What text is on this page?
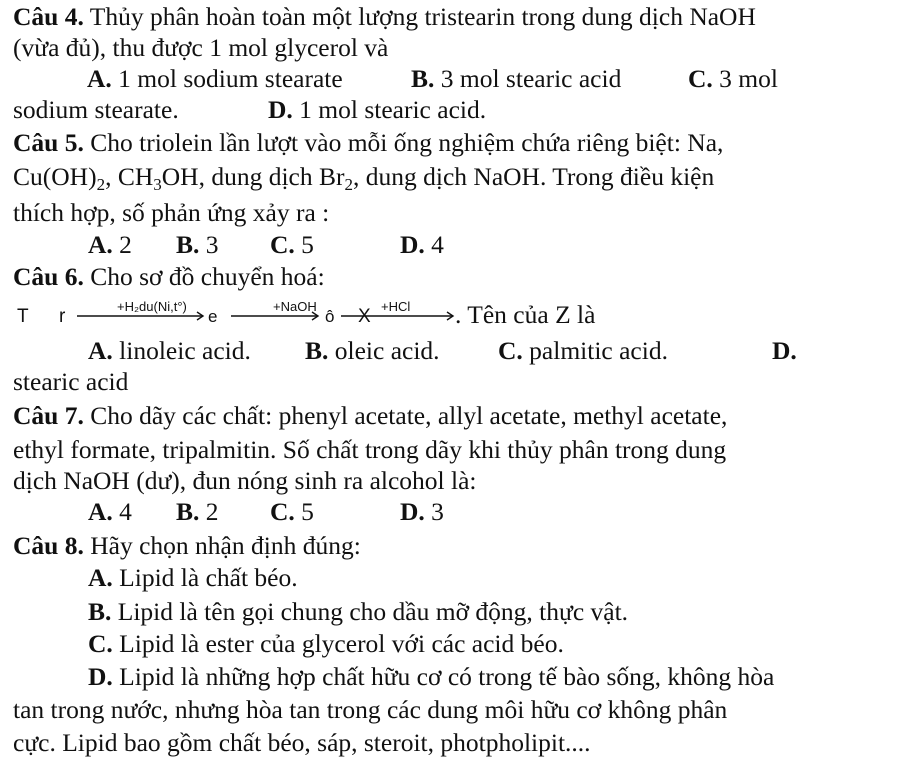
Câu 4. Thủy phân hoàn toàn một lượng tristearin trong dung dịch NaOH
(vừa đủ), thu được 1 mol glycerol và
A. 1 mol sodium stearate	B. 3 mol stearic acid	C. 3 mol
sodium stearate.	D. 1 mol stearic acid.
Câu 5. Cho triolein lần lượt vào mỗi ống nghiệm chứa riêng biệt: Na,
$Cu(OH)_2$, $CH_3OH$, dung dịch $Br_2$, dung dịch NaOH. Trong điều kiện
thích hợp, số phản ứng xảy ra :
A. 2 B. 3 C. 5	D. 4
Câu 6. Cho sơ đồ chuyển hoá:
T r	+H₂du(Ni,t°)
e
+NaOH
ô
+HCl
X	. Tên của Z là
A. linoleic acid. B. oleic acid. C. palmitic acid.	D.
stearic acid
Câu 7. Cho dãy các chất: phenyl acetate, allyl acetate, methyl acetate,
ethyl formate, tripalmitin. Số chất trong dãy khi thủy phân trong dung
dịch NaOH (dư), đun nóng sinh ra alcohol là:
A. 4 B. 2 C. 5	D. 3
Câu 8. Hãy chọn nhận định đúng:
A. Lipid là chất béo.
B. Lipid là tên gọi chung cho dầu mỡ động, thực vật.
C. Lipid là ester của glycerol với các acid béo.
D. Lipid là những hợp chất hữu cơ có trong tế bào sống, không hòa
tan trong nước, nhưng hòa tan trong các dung môi hữu cơ không phân
cực. Lipid bao gồm chất béo, sáp, steroit, photpholipit....
